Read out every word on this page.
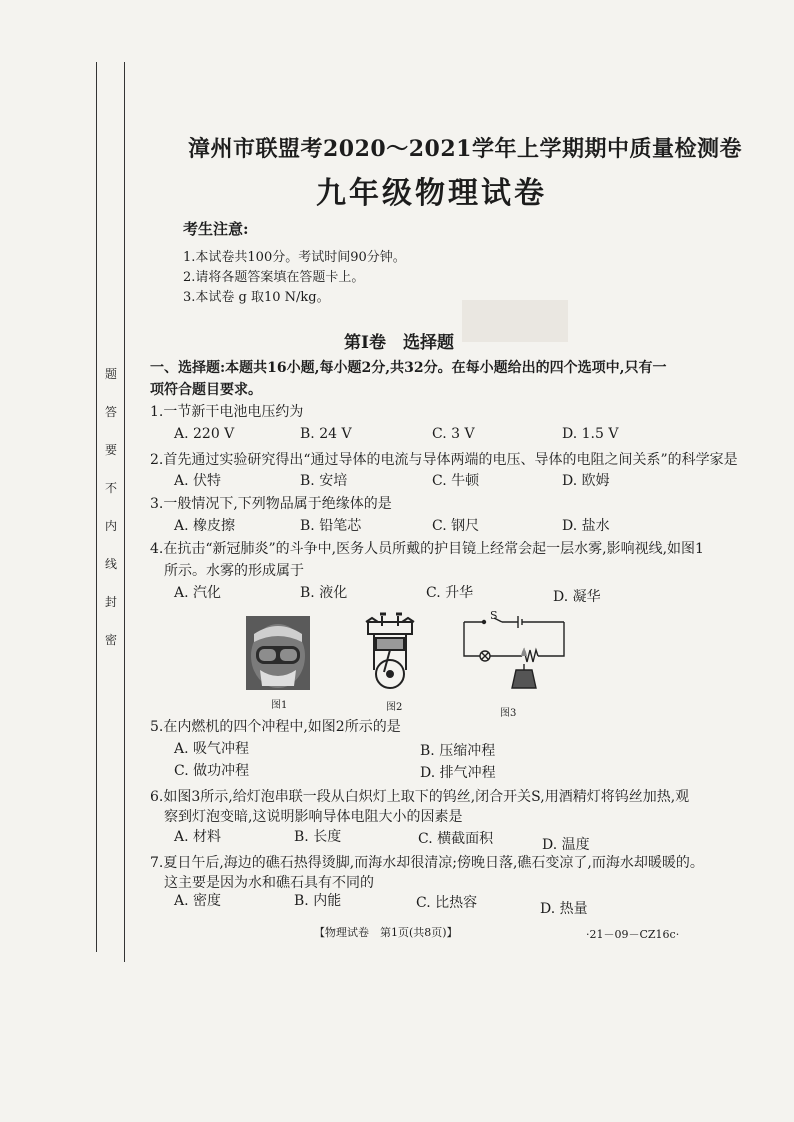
题
答
要
不
内
线
封
密
漳州市联盟考2020～2021学年上学期期中质量检测卷
九年级物理试卷
考生注意:
1.本试卷共100分。考试时间90分钟。
2.请将各题答案填在答题卡上。
3.本试卷 g 取10 N/kg。
第Ⅰ卷　选择题
一、选择题:本题共16小题,每小题2分,共32分。在每小题给出的四个选项中,只有一项符合题目要求。
1.一节新干电池电压约为
A. 220 V	B. 24 V	C. 3 V	D. 1.5 V
2.首先通过实验研究得出“通过导体的电流与导体两端的电压、导体的电阻之间关系”的科学家是
A. 伏特	B. 安培	C. 牛顿	D. 欧姆
3.一般情况下,下列物品属于绝缘体的是
A. 橡皮擦	B. 铅笔芯	C. 钢尺	D. 盐水
4.在抗击“新冠肺炎”的斗争中,医务人员所戴的护目镜上经常会起一层水雾,影响视线,如图1
所示。水雾的形成属于
A. 汽化	B. 液化	C. 升华	D. 凝华
图1	图2
S
图3
5.在内燃机的四个冲程中,如图2所示的是
A. 吸气冲程	B. 压缩冲程
C. 做功冲程	D. 排气冲程
6.如图3所示,给灯泡串联一段从白炽灯上取下的钨丝,闭合开关S,用酒精灯将钨丝加热,观
察到灯泡变暗,这说明影响导体电阻大小的因素是
A. 材料	B. 长度	C. 横截面积	D. 温度
7.夏日午后,海边的礁石热得烫脚,而海水却很清凉;傍晚日落,礁石变凉了,而海水却暖暖的。
这主要是因为水和礁石具有不同的
A. 密度	B. 内能	C. 比热容	D. 热量
【物理试卷　第1页(共8页)】	·21－09－CZ16c·
